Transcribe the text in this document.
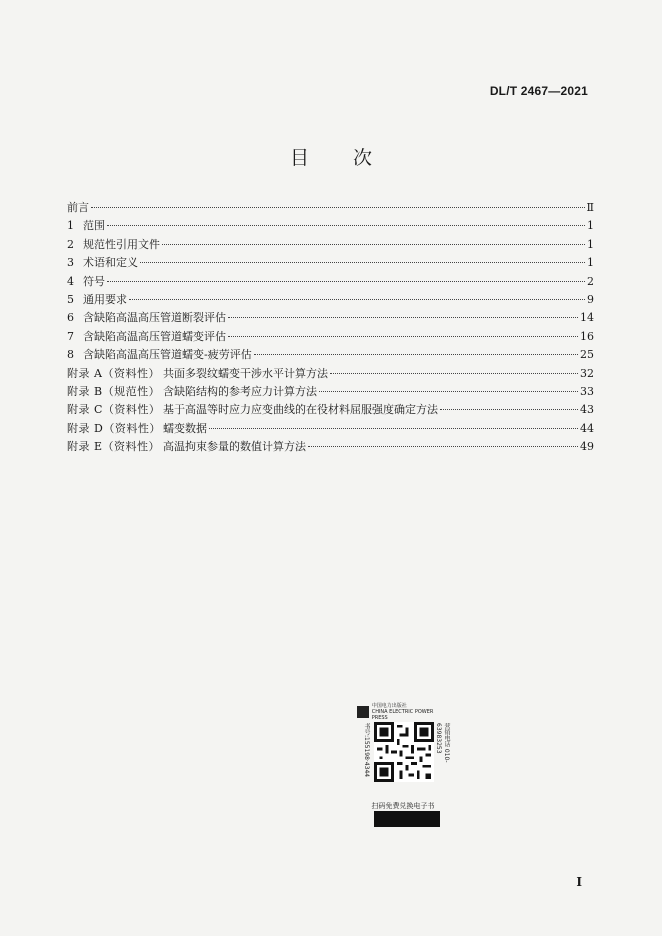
DL/T 2467—2021
目次
前言	Ⅱ
1 范围	1
2 规范性引用文件	1
3 术语和定义	1
4 符号	2
5 通用要求	9
6 含缺陷高温高压管道断裂评估	14
7 含缺陷高温高压管道蠕变评估	16
8 含缺陷高温高压管道蠕变-疲劳评估	25
附录 A（资料性） 共面多裂纹蠕变干涉水平计算方法	32
附录 B（规范性） 含缺陷结构的参考应力计算方法	33
附录 C（资料性） 基于高温等时应力应变曲线的在役材料屈服强度确定方法	43
附录 D（资料性） 蠕变数据	44
附录 E（资料性） 高温拘束参量的数值计算方法	49
中国电力出版社
CHINA ELECTRIC POWER PRESS
书号:155198·4344	营销电话 010-63983253
扫码免费兑换电子书
I
